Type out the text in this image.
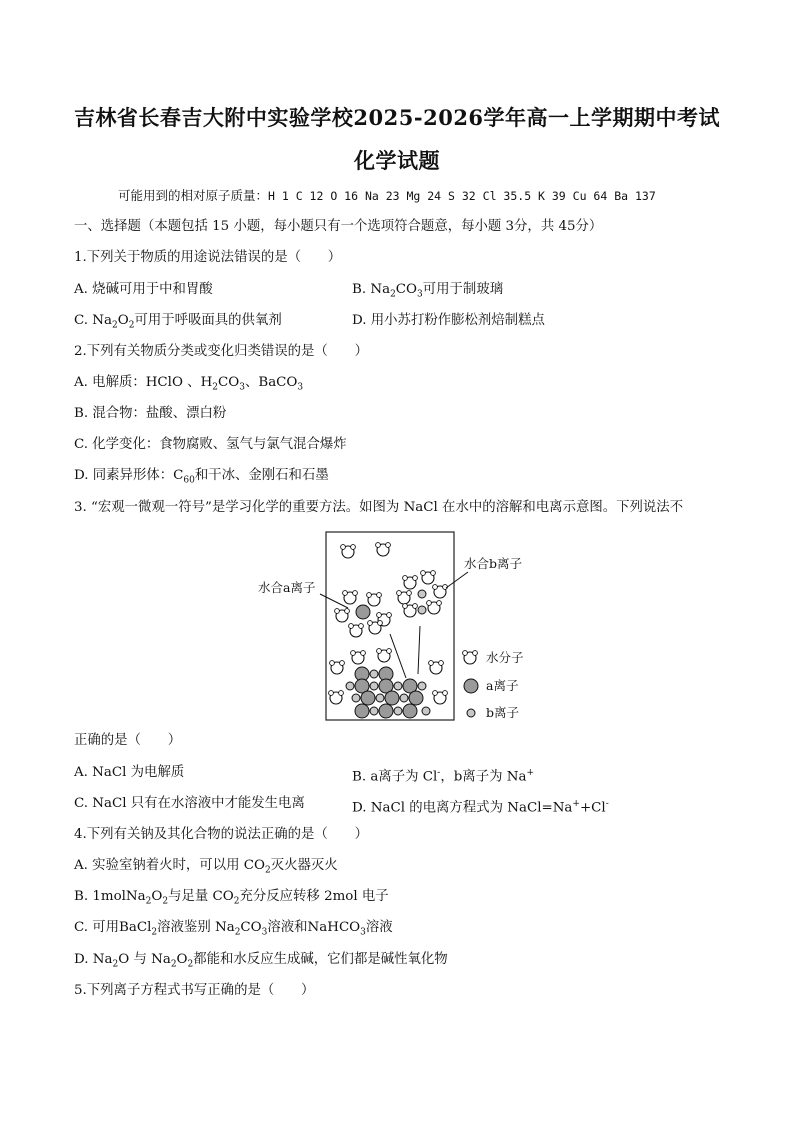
吉林省长春吉大附中实验学校2025-2026学年高一上学期期中考试
化学试题
可能用到的相对原子质量：H 1 C 12 O 16 Na 23 Mg 24 S 32 Cl 35.5 K 39 Cu 64 Ba 137
一、选择题（本题包括 15 小题，每小题只有一个选项符合题意，每小题 3分，共 45分）
1.下列关于物质的用途说法错误的是（　　）
A. 烧碱可用于中和胃酸	B. $Na_2CO_3$可用于制玻璃
C. $Na_2O_2$可用于呼吸面具的供氧剂	D. 用小苏打粉作膨松剂焙制糕点
2.下列有关物质分类或变化归类错误的是（　　）
A. 电解质：HClO 、$H_2CO_3$、BaCO$_3$
B. 混合物：盐酸、漂白粉
C. 化学变化：食物腐败、氢气与氯气混合爆炸
D. 同素异形体：$C_{60}$和干冰、金刚石和石墨
3. “宏观一微观一符号”是学习化学的重要方法。如图为 NaCl 在水中的溶解和电离示意图。下列说法不
水合a离子
水合b离子
水分子
a离子
b离子
正确的是（　　）
A. NaCl 为电解质	B. a离子为 Cl-，b离子为 Na+
C. NaCl 只有在水溶液中才能发生电离	D. NaCl 的电离方程式为 NaCl=Na++Cl-
4.下列有关钠及其化合物的说法正确的是（　　）
A. 实验室钠着火时，可以用 $CO_2$灭火器灭火
B. $1molNa_2O_2$与足量 $CO_2$充分反应转移 2mol 电子
C. 可用BaCl$_2$溶液鉴别 $Na_2CO_3$溶液和NaHCO$_3$溶液
D. $Na_2O$ 与 $Na_2O_2$都能和水反应生成碱，它们都是碱性氧化物
5.下列离子方程式书写正确的是（　　）
